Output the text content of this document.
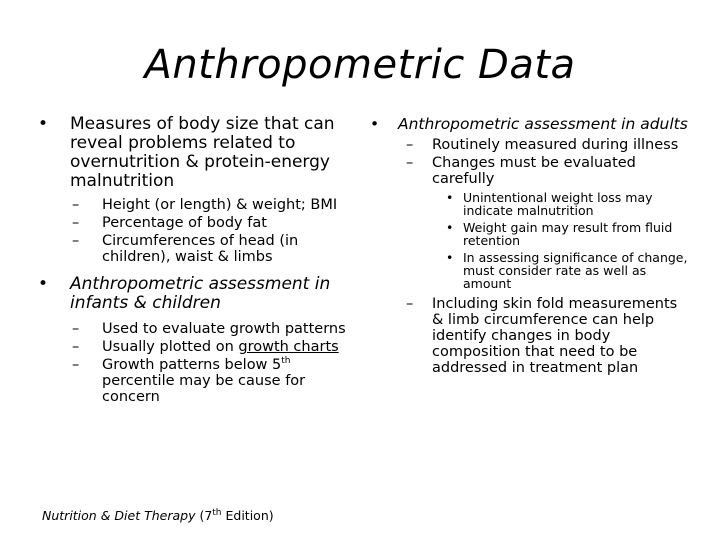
Anthropometric Data
• Measures of body size that can reveal problems related to overnutrition & protein-energy malnutrition
– Height (or length) & weight; BMI
– Percentage of body fat
– Circumferences of head (in children), waist & limbs
• Anthropometric assessment in infants & children
– Used to evaluate growth patterns
– Usually plotted on growth charts
– Growth patterns below 5th percentile may be cause for concern
• Anthropometric assessment in adults
– Routinely measured during illness
– Changes must be evaluated carefully
• Unintentional weight loss may indicate malnutrition
• Weight gain may result from fluid retention
• In assessing significance of change, must consider rate as well as amount
– Including skin fold measurements & limb circumference can help identify changes in body composition that need to be addressed in treatment plan
Nutrition & Diet Therapy (7th Edition)
